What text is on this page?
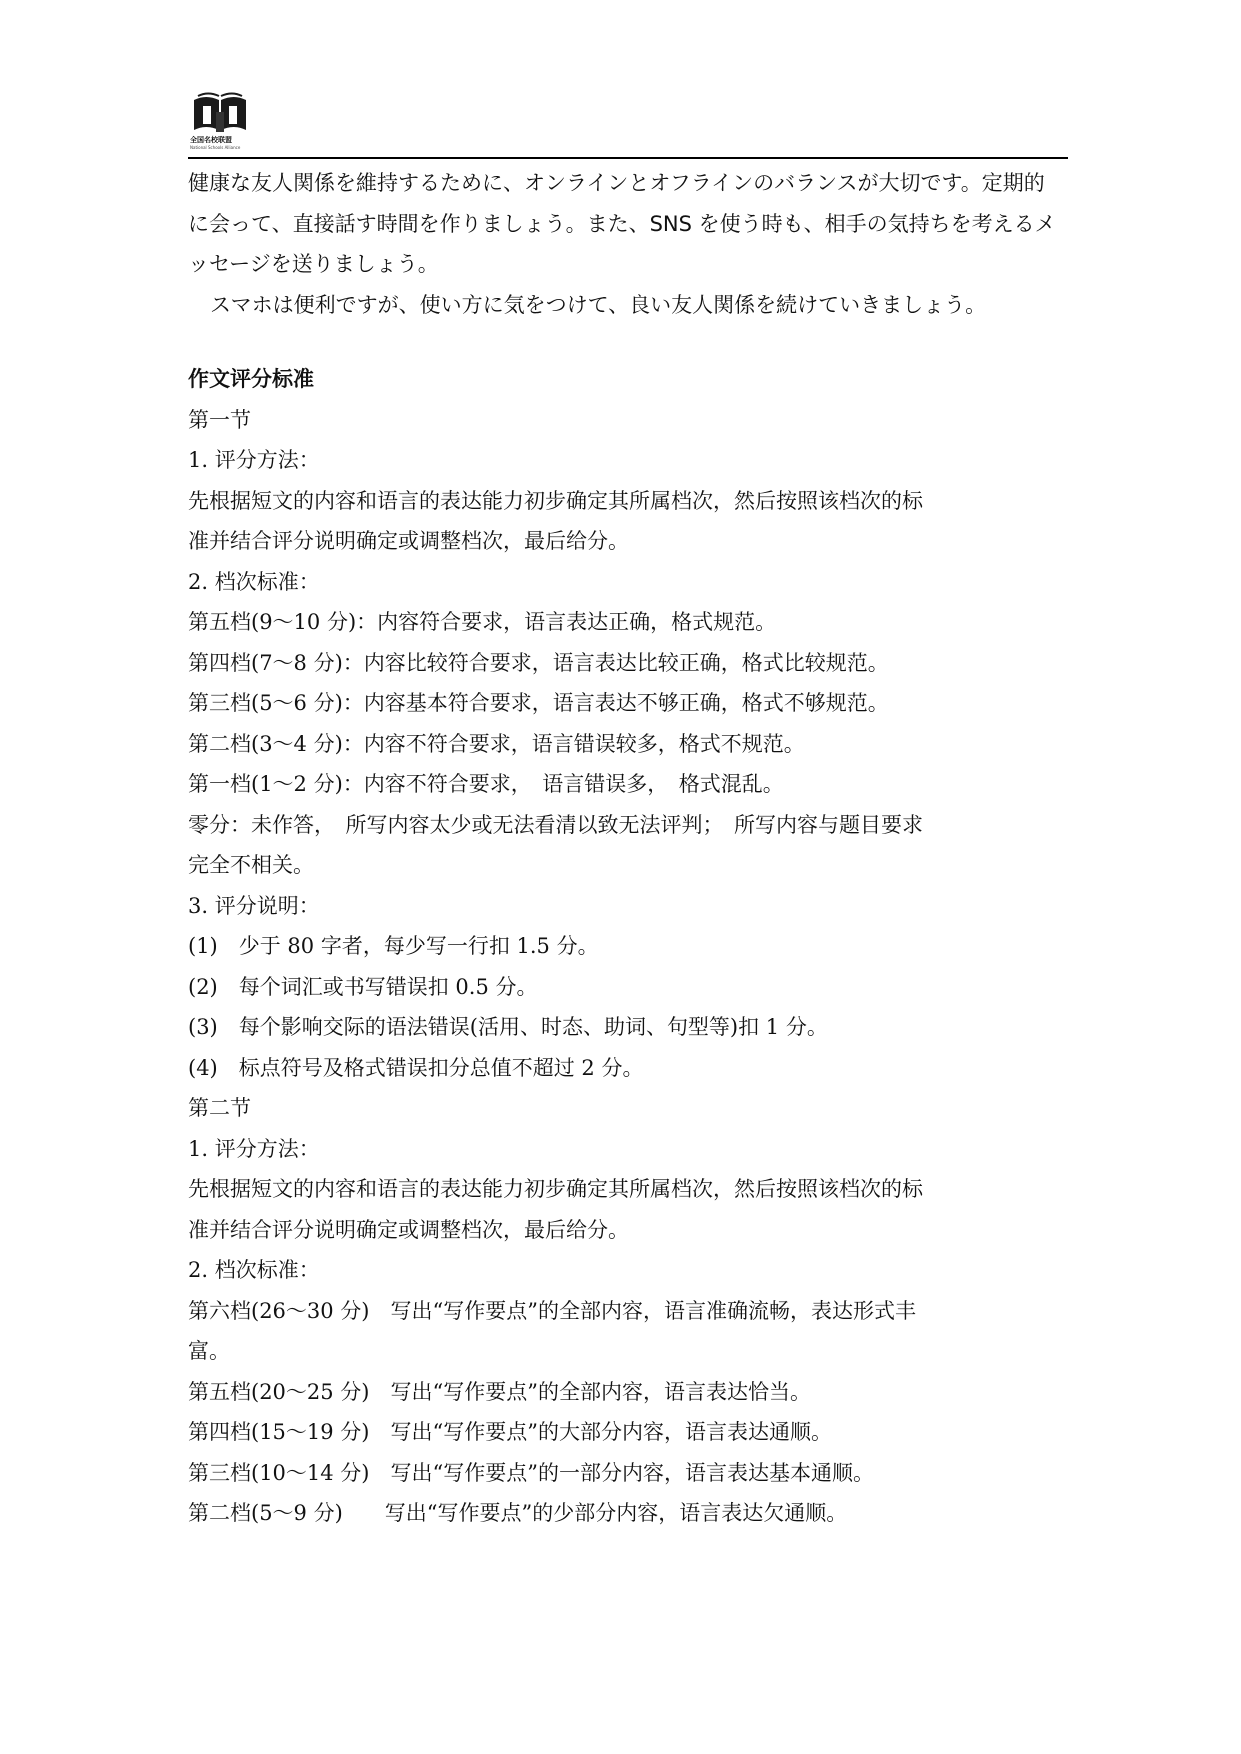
全国名校联盟
National Schools Alliance
健康な友人関係を維持するために、オンラインとオフラインのバランスが大切です。定期的
に会って、直接話す時間を作りましょう。また、SNS を使う時も、相手の気持ちを考えるメ
ッセージを送りましょう。
スマホは便利ですが、使い方に気をつけて、良い友人関係を続けていきましょう。
作文评分标准
第一节
1. 评分方法：
先根据短文的内容和语言的表达能力初步确定其所属档次，然后按照该档次的标
准并结合评分说明确定或调整档次，最后给分。
2. 档次标准：
第五档(9～10 分)：内容符合要求，语言表达正确，格式规范。
第四档(7～8 分)：内容比较符合要求，语言表达比较正确，格式比较规范。
第三档(5～6 分)：内容基本符合要求，语言表达不够正确，格式不够规范。
第二档(3～4 分)：内容不符合要求，语言错误较多，格式不规范。
第一档(1～2 分)：内容不符合要求，　语言错误多，　格式混乱。
零分：未作答，　所写内容太少或无法看清以致无法评判；　所写内容与题目要求
完全不相关。
3. 评分说明：
(1)　少于 80 字者，每少写一行扣 1.5 分。
(2)　每个词汇或书写错误扣 0.5 分。
(3)　每个影响交际的语法错误(活用、时态、助词、句型等)扣 1 分。
(4)　标点符号及格式错误扣分总值不超过 2 分。
第二节
1. 评分方法：
先根据短文的内容和语言的表达能力初步确定其所属档次，然后按照该档次的标
准并结合评分说明确定或调整档次，最后给分。
2. 档次标准：
第六档(26～30 分)　写出“写作要点”的全部内容，语言准确流畅，表达形式丰
富。
第五档(20～25 分)　写出“写作要点”的全部内容，语言表达恰当。
第四档(15～19 分)　写出“写作要点”的大部分内容，语言表达通顺。
第三档(10～14 分)　写出“写作要点”的一部分内容，语言表达基本通顺。
第二档(5～9 分)　　写出“写作要点”的少部分内容，语言表达欠通顺。
